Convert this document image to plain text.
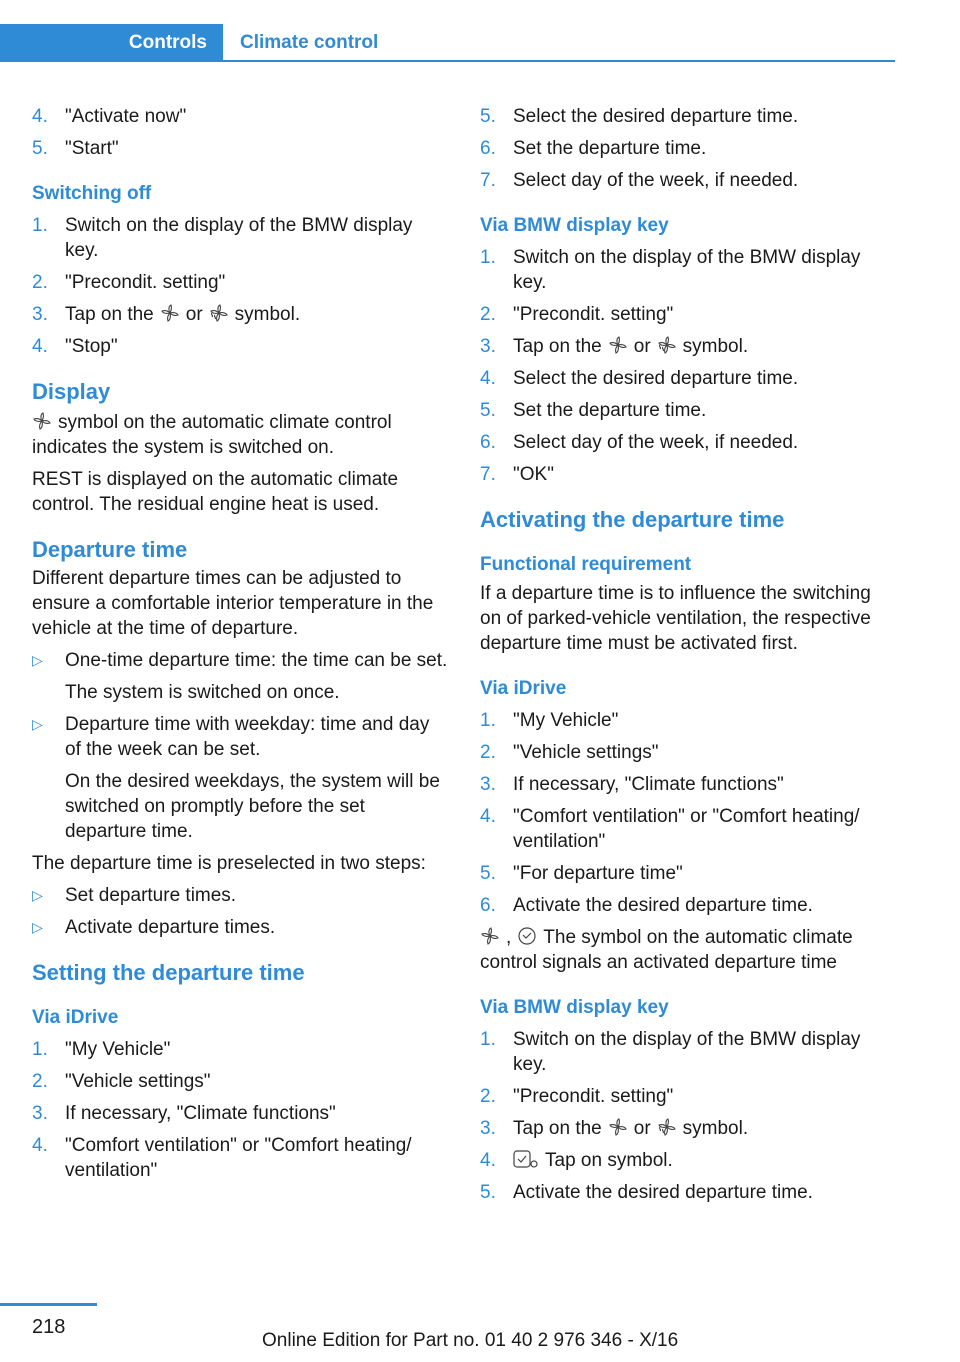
Controls	Climate control
4. "Activate now"
5. "Start"
Switching off
1. Switch on the display of the BMW display key.
2. "Precondit. setting"
3. Tap on the or symbol.
4. "Stop"
Display

symbol on the automatic climate control indicates the system is switched on.

REST is displayed on the automatic climate control. The residual engine heat is used.

Departure time

Different departure times can be adjusted to ensure a comfortable interior temperature in the vehicle at the time of departure.

▷ One-time departure time: the time can be set.

The system is switched on once.

▷ Departure time with weekday: time and day of the week can be set.

On the desired weekdays, the system will be switched on promptly before the set departure time.

The departure time is preselected in two steps:

▷ Set departure times.
▷ Activate departure times.
Setting the departure time
Via iDrive
1. "My Vehicle"
2. "Vehicle settings"
3. If necessary, "Climate functions"
4. "Comfort ventilation" or "Comfort heating/ ventilation"
5. Select the desired departure time.
6. Set the departure time.
7. Select day of the week, if needed.
Via BMW display key
1. Switch on the display of the BMW display key.
2. "Precondit. setting"
3. Tap on the or symbol.
4. Select the desired departure time.
5. Set the departure time.
6. Select day of the week, if needed.
7. "OK"
Activating the departure time
Functional requirement

If a departure time is to influence the switching on of parked-vehicle ventilation, the respective departure time must be activated first.

Via iDrive
1. "My Vehicle"
2. "Vehicle settings"
3. If necessary, "Climate functions"
4. "Comfort ventilation" or "Comfort heating/ ventilation"
5. "For departure time"
6. Activate the desired departure time.

, The symbol on the automatic climate control signals an activated departure time

Via BMW display key
1. Switch on the display of the BMW display key.
2. "Precondit. setting"
3. Tap on the or symbol.
4.	Tap on symbol.
5. Activate the desired departure time.
218
Online Edition for Part no. 01 40 2 976 346 - X/16
